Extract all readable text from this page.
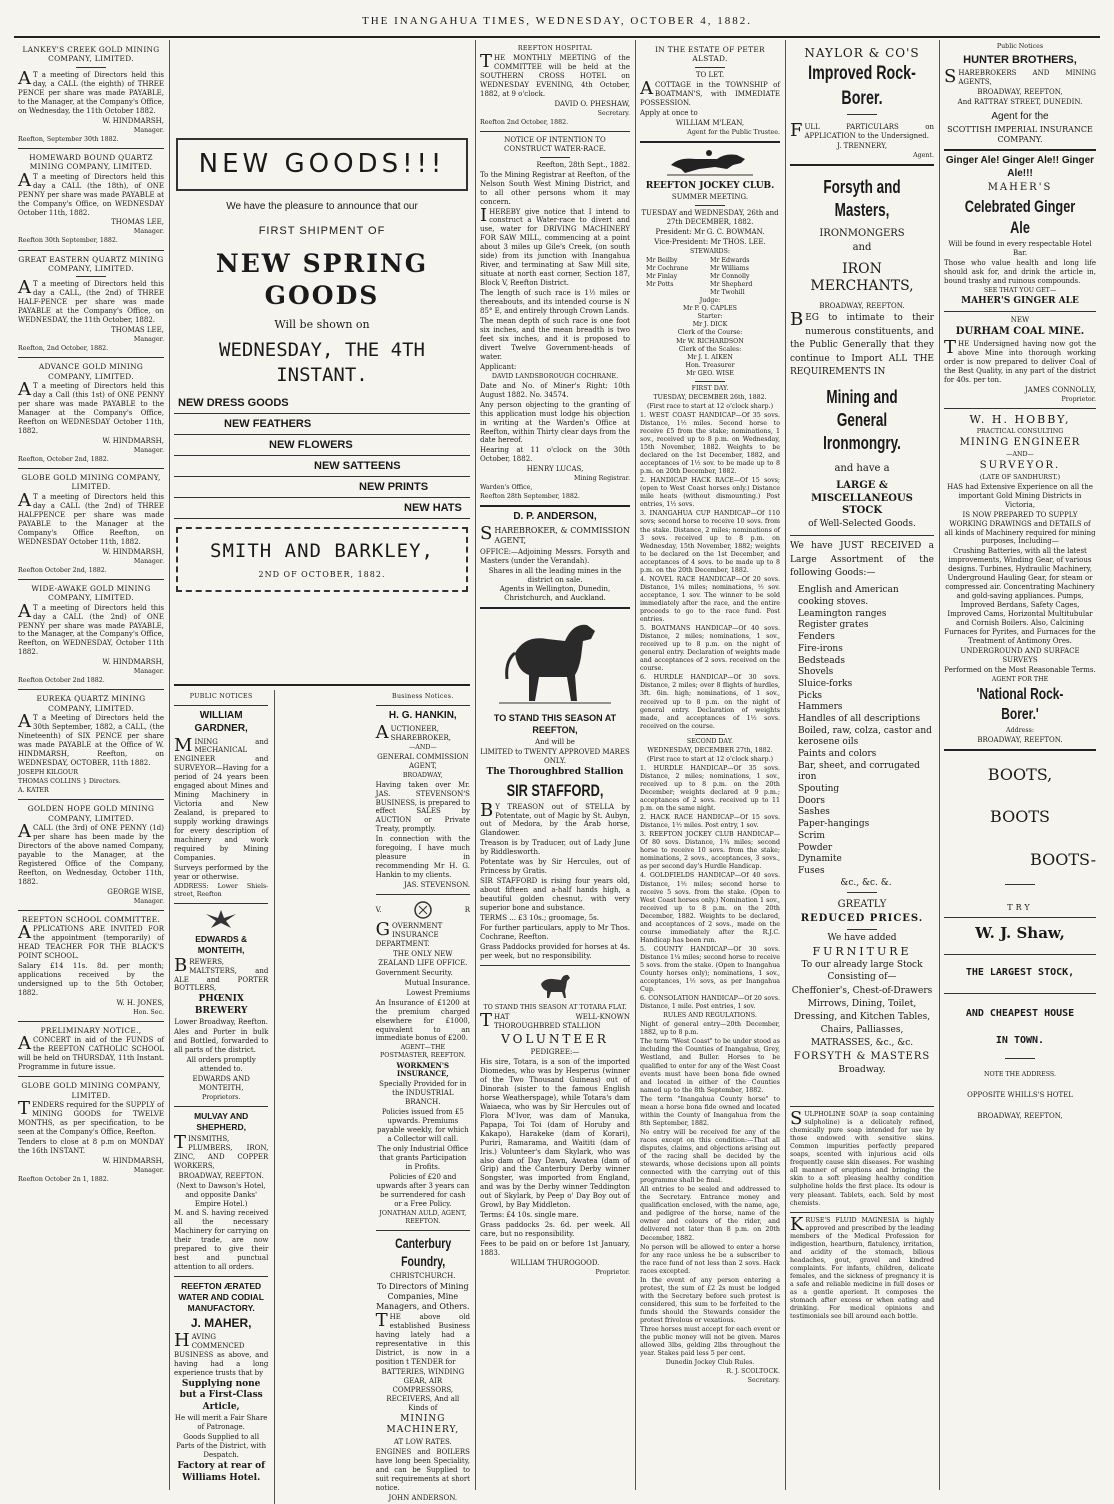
THE INANGAHUA TIMES, WEDNESDAY, OCTOBER 4, 1882.
LANKEY'S CREEK GOLD MINING COMPANY, LIMITED.

AT a meeting of Directors held this day, a CALL (the eighth) of THREE PENCE per share was made PAYABLE, to the Manager, at the Company's Office, on Wednesday, the 11th October 1882.

W. HINDMARSH,

Manager.

Reefton, September 30th 1882.

HOMEWARD BOUND QUARTZ MINING COMPANY, LIMITED.

AT a meeting of Directors held this day a CALL (the 18th), of ONE PENNY per share was made PAYABLE at the Company's Office, on WEDNESDAY October 11th, 1882.

THOMAS LEE,

Manager.

Reefton 30th September, 1882.

GREAT EASTERN QUARTZ MINING COMPANY, LIMITED.

AT a meeting of Directors held this day a CALL, (the 2nd) of THREE HALF-PENCE per share was made PAYABLE at the Company's Office, on WEDNESDAY, the 11th October, 1882.

THOMAS LEE,

Manager.

Reefton, 2nd October, 1882.

ADVANCE GOLD MINING COMPANY, LIMITED.

AT a meeting of Directors held this day a Call (this 1st) of ONE PENNY per share was made PAYABLE to the Manager at the Company's Office, Reefton on WEDNESDAY October 11th, 1882.

W. HINDMARSH,

Manager.

Reefton, October 2nd, 1882.

GLOBE GOLD MINING COMPANY, LIMITED.

AT a meeting of Directors held this day a CALL (the 2nd) of THREE HALFPENCE per share was made PAYABLE to the Manager at the Company's Office Reefton, on WEDNESDAY October 11th, 1882.

W. HINDMARSH,

Manager.

Reefton October 2nd, 1882.

WIDE-AWAKE GOLD MINING COMPANY, LIMITED.

AT a meeting of Directors held this day a CALL (the 2nd) of ONE PENNY per share was made PAYABLE, to the Manager, at the Company's Office, Reefton, on WEDNESDAY, October 11th 1882.

W. HINDMARSH,

Manager.

Reefton October 2nd 1882.

EUREKA QUARTZ MINING COMPANY, LIMITED.

AT a Meeting of Directors held the 30th September, 1882, a CALL, (the Nineteenth) of SIX PENCE per share was made PAYABLE at the Office of W. HINDMARSH, Reefton, on WEDNESDAY, OCTOBER, 11th 1882.

JOSEPH KILGOUR

THOMAS COLLINS } Directors.

A. KATER

GOLDEN HOPE GOLD MINING COMPANY, LIMITED.

ACALL (the 3rd) of ONE PENNY (1d) per share has been made by the Directors of the above named Company, payable to the Manager, at the Registered Office of the Company, Reefton, on Wednesday, October 11th, 1882.

GEORGE WISE,

Manager.

REEFTON SCHOOL COMMITTEE.

APPLICATIONS ARE INVITED FOR the appointment (temporarily) of HEAD TEACHER FOR THE BLACK'S POINT SCHOOL.

Salary £14 11s. 8d. per month; applications received by the undersigned up to the 5th October, 1882.

W. H. JONES,

Hon. Sec.

PRELIMINARY NOTICE.,

ACONCERT in aid of the FUNDS of the REEFTON CATHOLIC SCHOOL will be held on THURSDAY, 11th Instant. Programme in future issue.

GLOBE GOLD MINING COMPANY, LIMITED.

TENDERS required for the SUPPLY of MINING GOODS for TWELVE MONTHS, as per specification, to be seen at the Company's Office, Reefton.

Tenders to close at 8 p.m on MONDAY the 16th INSTANT.

W. HINDMARSH,

Manager.

Reefton October 2n 1, 1882.

NEW GOODS!!!

We have the pleasure to announce that our

FIRST SHIPMENT OF

NEW SPRING GOODS

Will be shown on

WEDNESDAY, THE 4TH INSTANT.
NEW DRESS GOODS
NEW FEATHERS
NEW FLOWERS
NEW SATTEENS
NEW PRINTS
NEW HATS
SMITH AND BARKLEY,
2ND OF OCTOBER, 1882.
PUBLIC NOTICES
WILLIAM GARDNER,

MINING and MECHANICAL ENGINEER and SURVEYOR—Having for a period of 24 years been engaged about Mines and Mining Machinery in Victoria and New Zealand, is prepared to supply working drawings for every description of machinery and work required by Mining Companies.

Surveys performed by the year or otherwise.

ADDRESS: Lower Shiels-street, Reefton

EDWARDS & MONTEITH,

BREWERS, MALTSTERS, and ALE and PORTER BOTTLERS,

PHŒNIX BREWERY

Lower Broadway, Reefton.

Ales and Porter in bulk and Bottled, forwarded to all parts of the district.

All orders promptly attended to.

EDWARDS AND MONTEITH,

Proprietors.

MULVAY AND SHEPHERD,

TINSMITHS, PLUMBERS, IRON, ZINC, AND COPPER WORKERS,

BROADWAY, REEFTON.

(Next to Dawson's Hotel, and opposite Danks' Empire Hotel.)

M. and S. having received all the necessary Machinery for carrying on their trade, are now prepared to give their best and punctual attention to all orders.

REEFTON ÆRATED WATER AND CODIAL MANUFACTORY.
J. MAHER,

HAVING COMMENCED BUSINESS as above, and having had a long experience trusts that by

Supplying none but a First-Class Article,

He will merit a Fair Share of Patronage.

Goods Supplied to all Parts of the District, with Despatch.

Factory at rear of Williams Hotel.

Business Notices.
H. G. HANKIN,

AUCTIONEER, SHAREBROKER,

—AND—

GENERAL COMMISSION AGENT,

BROADWAY,

Having taken over Mr. JAS. STEVENSON'S BUSINESS, is prepared to effect SALES by AUCTION or Private Treaty, promptly.

In connection with the foregoing, I have much pleasure in recommending Mr H. G. Hankin to my clients.

JAS. STEVENSON.

V.	R

GOVERNMENT INSURANCE DEPARTMENT.

THE ONLY NEW ZEALAND LIFE OFFICE.

Government Security.

Mutual Insurance.

Lowest Premiums

An Insurance of £1200 at the premium charged elsewhere for £1000, equivalent to an immediate bonus of £200.

AGENT—THE POSTMASTER, REEFTON.

WORKMEN'S INSURANCE,

Specially Provided for in the INDUSTRIAL BRANCH.

Policies issued from £5 upwards. Premiums payable weekly, for which a Collector will call.

The only Industrial Office that grants Participation in Profits.

Policies of £20 and upwards after 3 years can be surrendered for cash or a Free Policy.

JONATHAN AULD, AGENT, REEFTON.

Canterbury Foundry,

CHRISTCHURCH.

To Directors of Mining Companies, Mine Managers, and Others.

THE above old established Business having lately had a representative in this District, is now in a position t TENDER for

BATTERIES, WINDING GEAR, AIR COMPRESSORS, RECEIVERS, And all Kinds of

MINING MACHINERY,

AT LOW RATES.

ENGINES and BOILERS have long been Speciality, and can be Supplied to suit requirements at short notice.

JOHN ANDERSON.

REEFTON HOSPITAL

THE MONTHLY MEETING of the COMMITTEE will be held at the SOUTHERN CROSS HOTEL on WEDNESDAY EVENING, 4th October, 1882, at 9 o'clock.

DAVID O. PHESHAW,

Secretary.

Reefton 2nd October, 1882.

NOTICE OF INTENTION TO CONSTRUCT WATER-RACE.

Reefton, 28th Sept., 1882.

To the Mining Registrar at Reefton, of the Nelson South West Mining District, and to all other persons whom it may concern.

IHEREBY give notice that I intend to construct a Water-race to divert and use, water for DRIVING MACHINERY FOR SAW MILL, commencing at a point about 3 miles up Gile's Creek, (on south side) from its junction with Inangahua River, and terminating at Saw Mill site, situate at north east corner, Section 187, Block V, Reefton District.

The length of such race is 1½ miles or thereabouts, and its intended course is N 85° E, and entirely through Crown Lands.

The mean depth of such race is one foot six inches, and the mean breadth is two feet six inches, and it is proposed to divert Twelve Government-heads of water.

Applicant:

DAVID LANDSBOROUGH COCHRANE.

Date and No. of Miner's Right: 10th August 1882. No. 34574.

Any person objecting to the granting of this application must lodge his objection in writing at the Warden's Office at Reefton, within Thirty clear days from the date hereof.

Hearing at 11 o'clock on the 30th October, 1882.

HENRY LUCAS,

Mining Registrar.

Warden's Office,

Reefton 28th September, 1882.

D. P. ANDERSON,

SHAREBROKER, & COMMISSION AGENT,

OFFICE:—Adjoining Messrs. Forsyth and Masters (under the Verandah).

Shares in all the leading mines in the district on sale.

Agents in Wellington, Dunedin, Christchurch, and Auckland.

TO STAND THIS SEASON AT REEFTON,

And will be

LIMITED to TWENTY APPROVED MARES ONLY.

The Thoroughbred Stallion

SIR STAFFORD,

BY TREASON out of STELLA by Potentate, out of Magic by St. Aubyn, out of Medora, by the Arab horse, Glandower.

Treason is by Traducer, out of Lady June by Riddlesworth.

Potentate was by Sir Hercules, out of Princess by Gratis.

SIR STAFFORD is rising four years old, about fifteen and a-half hands high, a beautiful golden chesnut, with very superior bone and substance.

TERMS ... £3 10s.; groomage, 5s.

For further particulars, apply to Mr Thos. Cochrane, Reefton.

Grass Paddocks provided for horses at 4s. per week, but no responsibility.

TO STAND THIS SEASON AT TOTARA FLAT.

THAT WELL-KNOWN THOROUGHBRED STALLION

VOLUNTEER

PEDIGREE:—

His sire, Totara, is a son of the imported Diomedes, who was by Hesperus (winner of the Two Thousand Guineas) out of Dinorah (sister to the famous English horse Weatherspage), while Totara's dam Waiaeca, who was by Sir Hercules out of Flora M'Ivor, was dam of Manuka, Papapa, Toi Toi (dam of Horuby and Kakapo), Harakeke (dam of Korari), Puriri, Ramarama, and Waititi (dam of Iris.) Volunteer's dam Skylark, who was also dam of Day Dawn, Awatea (dam of Grip) and the Canterbury Derby winner Songster, was imported from England, and was by the Derby winner Teddington out of Skylark, by Peep o' Day Boy out of Growl, by Bay Middleton.

Terms: £4 10s. single mare.

Grass paddocks 2s. 6d. per week. All care, but no responsibility.

Fees to be paid on or before 1st January, 1883.

WILLIAM THUROGOOD.

Proprietor.

IN THE ESTATE OF PETER ALSTAD.

TO LET.

ACOTTAGE in the TOWNSHIP of BOATMAN'S, with IMMEDIATE POSSESSION.

Apply at once to

WILLIAM M'LEAN,

Agent for the Public Trustee.

REEFTON JOCKEY CLUB.

SUMMER MEETING.

TUESDAY and WEDNESDAY, 26th and 27th DECEMBER, 1882.

President: Mr G. C. BOWMAN.

Vice-President: Mr THOS. LEE.

STEWARDS:

Mr Beilby	Mr Edwards
Mr Cochrane	Mr Williams
Mr Finlay	Mr Connolly
Mr Potts	Mr Shepherd
Mr Twohill
Judge:
Mr P. Q. CAPLES
Starter:
Mr J. DICK
Clerk of the Course:
Mr W. RICHARDSON
Clerk of the Scales:
Mr J. I. AIKEN
Hon. Treasurer
Mr GEO. WISE

FIRST DAY.

TUESDAY, DECEMBER 26th, 1882.

(First race to start at 12 o'clock sharp.)

1. WEST COAST HANDICAP—Of 35 sovs. Distance, 1½ miles. Second horse to receive £5 from the stake; nominations, 1 sov., received up to 8 p.m. on Wednesday, 15th November, 1882. Weights to be declared on the 1st December, 1882, and acceptances of 1½ sov. to be made up to 8 p.m. on 20th December, 1882.

2. HANDICAP HACK RACE—Of 15 sovs; (open to West Coast horses only.) Distance mile heats (without dismounting.) Post entries, 1½ sovs.

3. INANGAHUA CUP HANDICAP—Of 110 sovs; second horse to receive 10 sovs. from the stake. Distance, 2 miles; nominations of 3 sovs. received up to 8 p.m. on Wednesday, 15th November, 1882; weights to be declared on the 1st December, and acceptances of 4 sovs. to be made up to 8 p.m. on the 20th December, 1882.

4. NOVEL RACE HANDICAP—Of 20 sovs. Distance, 1¼ miles; nominations, ½ sov. acceptance, 1 sov. The winner to be sold immediately after the race, and the entire proceeds to go to the race fund. Post entries.

5. BOATMANS HANDICAP—Of 40 sovs. Distance, 2 miles; nominations, 1 sov., received up to 8 p.m. on the night of general entry. Declaration of weights made and acceptances of 2 sovs. received on the course.

6. HURDLE HANDICAP—Of 30 sovs. Distance, 2 miles; over 8 flights of hurdles, 3ft. 6in. high; nominations, of 1 sov., received up to 8 p.m. on the night of general entry. Declaration of weights made, and acceptances of 1½ sovs. received on the course.

SECOND DAY.

WEDNESDAY, DECEMBER 27th, 1882.

(First race to start at 12 o'clock sharp.)

1. HURDLE HANDICAP—Of 35 sovs. Distance, 2 miles; nominations, 1 sov., received up to 8 p.m. on the 20th December; weights declared at 9 p.m.; acceptances of 2 sovs. received up to 11 p.m. on the same night.

2. HACK RACE HANDICAP—Of 15 sovs. Distance, 1½ miles. Post entry, 1 sov.

3. REEFTON JOCKEY CLUB HANDICAP—Of 80 sovs. Distance, 1¾ miles; second horse to receive 10 sovs. from the stake; nominations, 2 sovs., acceptances, 3 sovs., as per second day's Hurdle Handicap.

4. GOLDFIELDS HANDICAP—Of 40 sovs. Distance, 1½ miles; second horse to receive 5 sovs. from the stake. (Open to West Coast horses only.) Nomination 1 sov., received up to 8 p.m. on the 20th December, 1882. Weights to be declared, and acceptances of 2 sovs., made on the course immediately after the R.J.C. Handicap has been run.

5. COUNTY HANDICAP—Of 30 sovs. Distance 1¼ miles; second horse to receive 5 sovs. from the stake. (Open to Inangahua County horses only); nominations, 1 sov., acceptances, 1½ sovs, as per Inangahua Cup.

6. CONSOLATION HANDICAP—Of 20 sovs. Distance, 1 mile. Post entries, 1 sov.

RULES AND REGULATIONS.

Night of general entry—20th December, 1882, up to 8 p.m.

The term "West Coast" to be under stood as including the Counties of Inangahua, Grey, Westland, and Buller. Horses to be qualified to enter for any of the West Coast events must have been bona fide owned and located in either of the Counties named up to the 8th September, 1882.

The term "Inangahua County horse" to mean a horse bona fide owned and located within the County of Inangahua from the 8th September, 1882.

No entry will be received for any of the races except on this condition:—That all disputes, claims, and objections arising out of the racing shall be decided by the stewards, whose decisions upon all points connected with the carrying out of this programme shall be final.

All entries to be sealed and addressed to the Secretary. Entrance money and qualification enclosed, with the name, age, and pedigree of the horse, name of the owner and colours of the rider, and delivered not later than 8 p.m. on 20th December, 1882.

No person will be allowed to enter a horse for any race unless he be a subscriber to the race fund of not less than 2 sovs. Hack races excepted.

In the event of any person entering a protest, the sum of £2 2s must be lodged with the Secretary before such protest is considered, this sum to be forfeited to the funds should the Stewards consider the protest frivolous or vexatious.

Three horses must accept for each event or the public money will not be given. Mares allowed 3lbs, gelding 2lbs throughout the year. Stakes paid less 5 per cent.

Dunedin Jockey Club Rules.

R. J. SCOLTOCK.

Secretary.

NAYLOR & CO'S

Improved Rock-Borer.

FULL PARTICULARS on APPLICATION to the Undersigned.

J. TRENNERY,

Agent.

Forsyth and Masters,

IRONMONGERS

and

IRON MERCHANTS,

BROADWAY, REEFTON.

BEG to intimate to their numerous constituents, and the Public Generally that they continue to Import ALL THE REQUIREMENTS IN

Mining and General
Ironmongry.

and have a

LARGE & MISCELLANEOUS STOCK

of Well-Selected Goods.

We have JUST RECEIVED a Large Assortment of the following Goods:—

English and American cooking stoves.
Leamington ranges
Register grates
Fenders
Fire-irons
Bedsteads
Shovels
Sluice-forks
Picks
Hammers
Handles of all descriptions
Boiled, raw, colza, castor and kerosene oils
Paints and colors
Bar, sheet, and corrugated iron
Spouting
Doors
Sashes
Paper-hangings
Scrim
Powder
Dynamite
Fuses
&c., &c. &.

GREATLY

REDUCED PRICES.

We have added

FURNITURE

To our already large Stock Consisting of—

Cheffonier's, Chest-of-Drawers Mirrows, Dining, Toilet, Dressing, and Kitchen Tables, Chairs, Palliasses, MATRASSES, &c., &c.

FORSYTH & MASTERS

Broadway.

SULPHOLINE SOAP (a soap containing sulpholine) is a delicately refined, chemically pure soap intended for use by those endowed with sensitive skins. Common impurities perfectly prepared soaps, scented with injurious acid oils frequently cause skin diseases. For washing all manner of eruptions and bringing the skin to a soft pleasing healthy condition sulpholine holds the first place. Its odour is very pleasant. Tablets, each. Sold by most chemists.

KRUSE'S FLUID MAGNESIA is highly approved and prescribed by the leading members of the Medical Profession for indigestion, heartburn, flatulency, irritation, and acidity of the stomach, bilious headaches, gout, gravel and kindred complaints. For infants, children, delicate females, and the sickness of pregnancy it is a safe and reliable medicine in full doses or as a gentle aperient. It composes the stomach after excess or when eating and drinking. For medical opinions and testimonials see bill around each bottle.

Public Notices

HUNTER BROTHERS,

SHAREBROKERS AND MINING AGENTS,

BROADWAY, REEFTON,

And RATTRAY STREET, DUNEDIN.

Agent for the

SCOTTISH IMPERIAL INSURANCE COMPANY.

Ginger Ale! Ginger Ale!! Ginger Ale!!!

MAHER'S

Celebrated Ginger Ale

Will be found in every respectable Hotel Bar.

Those who value health and long life should ask for, and drink the article in, bound trashy and ruinous compounds.

SEE THAT YOU GET—

MAHER'S GINGER ALE

NEW

DURHAM COAL MINE.

THE Undersigned having now got the above Mine into thorough working order is now prepared to deliver Coal of the Best Quality, in any part of the district for 40s. per ton.

JAMES CONNOLLY,

Proprietor.

W. H. HOBBY,

PRACTICAL CONSULTING

MINING ENGINEER

—AND—

SURVEYOR.

(LATE OF SANDHURST.)

HAS had Extensive Experience on all the important Gold Mining Districts in Victoria,

IS NOW PREPARED TO SUPPLY WORKING DRAWINGS and DETAILS of all kinds of Machinery required for mining purposes, Including—

Crushing Batteries, with all the latest improvements, Winding Gear, of various designs. Turbines, Hydraulic Machinery, Underground Hauling Gear, for steam or compressed air. Concentrating Machinery and gold-saving appliances. Pumps, Improved Berdans, Safety Cages, Improved Cams, Horizontal Multitubular and Cornish Boilers. Also, Calcining Furnaces for Pyrites, and Furnaces for the Treatment of Antimony Ores.

UNDERGROUND AND SURFACE SURVEYS

Performed on the Most Reasonable Terms.

AGENT FOR THE

'National Rock-Borer.'

Address:

BROADWAY, REEFTON.

BOOTS,

BOOTS

BOOTS-

TRY

W. J. Shaw,

THE LARGEST STOCK,

AND CHEAPEST HOUSE

IN TOWN.

NOTE THE ADDRESS.

OPPOSITE WHILLS'S HOTEL

BROADWAY, REEFTON,
